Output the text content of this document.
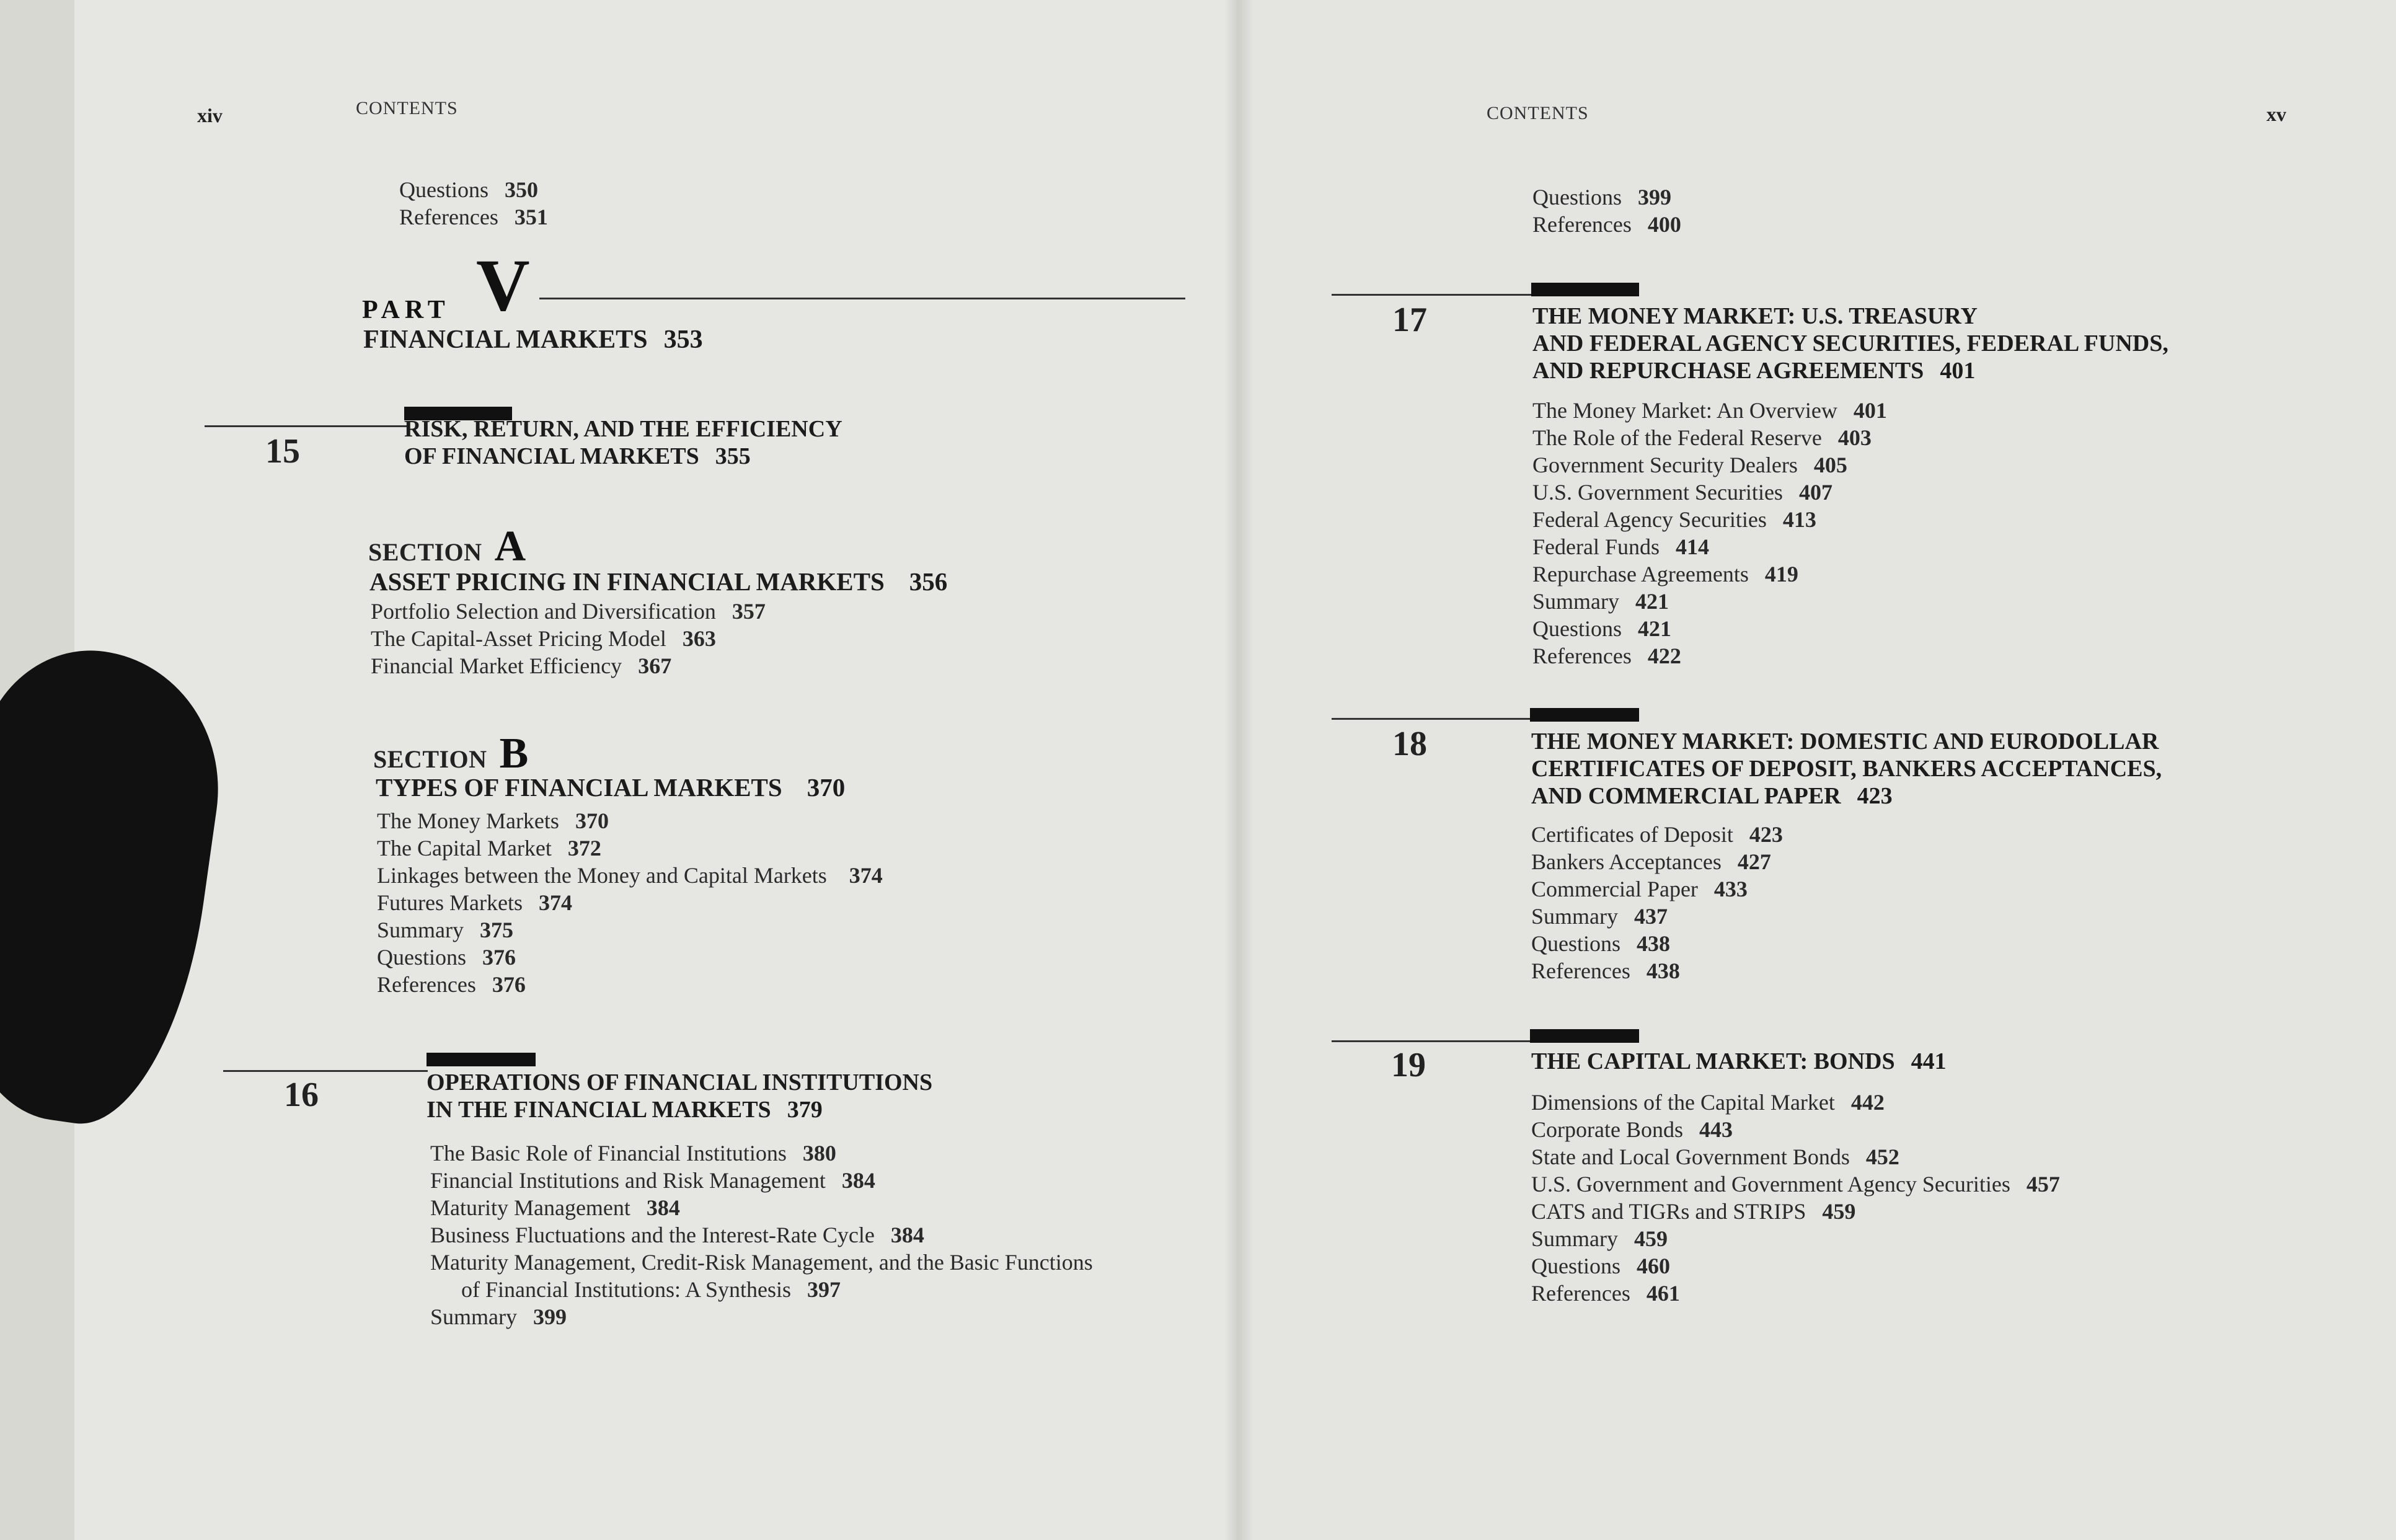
xiv	CONTENTS
Questions 350
References 351
PART V
FINANCIAL MARKETS 353
15
RISK, RETURN, AND THE EFFICIENCY
OF FINANCIAL MARKETS 355
SECTION A
ASSET PRICING IN FINANCIAL MARKETS 356
Portfolio Selection and Diversification 357
The Capital-Asset Pricing Model 363
Financial Market Efficiency 367
SECTION B
TYPES OF FINANCIAL MARKETS 370
The Money Markets 370
The Capital Market 372
Linkages between the Money and Capital Markets 374
Futures Markets 374
Summary 375
Questions 376
References 376
16	OPERATIONS OF FINANCIAL INSTITUTIONS
IN THE FINANCIAL MARKETS 379
The Basic Role of Financial Institutions 380
Financial Institutions and Risk Management 384
Maturity Management 384
Business Fluctuations and the Interest-Rate Cycle 384
Maturity Management, Credit-Risk Management, and the Basic Functions
of Financial Institutions: A Synthesis 397
Summary 399
CONTENTS	xv
Questions 399
References 400
17	THE MONEY MARKET: U.S. TREASURY
AND FEDERAL AGENCY SECURITIES, FEDERAL FUNDS,
AND REPURCHASE AGREEMENTS 401
The Money Market: An Overview 401
The Role of the Federal Reserve 403
Government Security Dealers 405
U.S. Government Securities 407
Federal Agency Securities 413
Federal Funds 414
Repurchase Agreements 419
Summary 421
Questions 421
References 422
18	THE MONEY MARKET: DOMESTIC AND EURODOLLAR
CERTIFICATES OF DEPOSIT, BANKERS ACCEPTANCES,
AND COMMERCIAL PAPER 423
Certificates of Deposit 423
Bankers Acceptances 427
Commercial Paper 433
Summary 437
Questions 438
References 438
19	THE CAPITAL MARKET: BONDS 441
Dimensions of the Capital Market 442
Corporate Bonds 443
State and Local Government Bonds 452
U.S. Government and Government Agency Securities 457
CATS and TIGRs and STRIPS 459
Summary 459
Questions 460
References 461
